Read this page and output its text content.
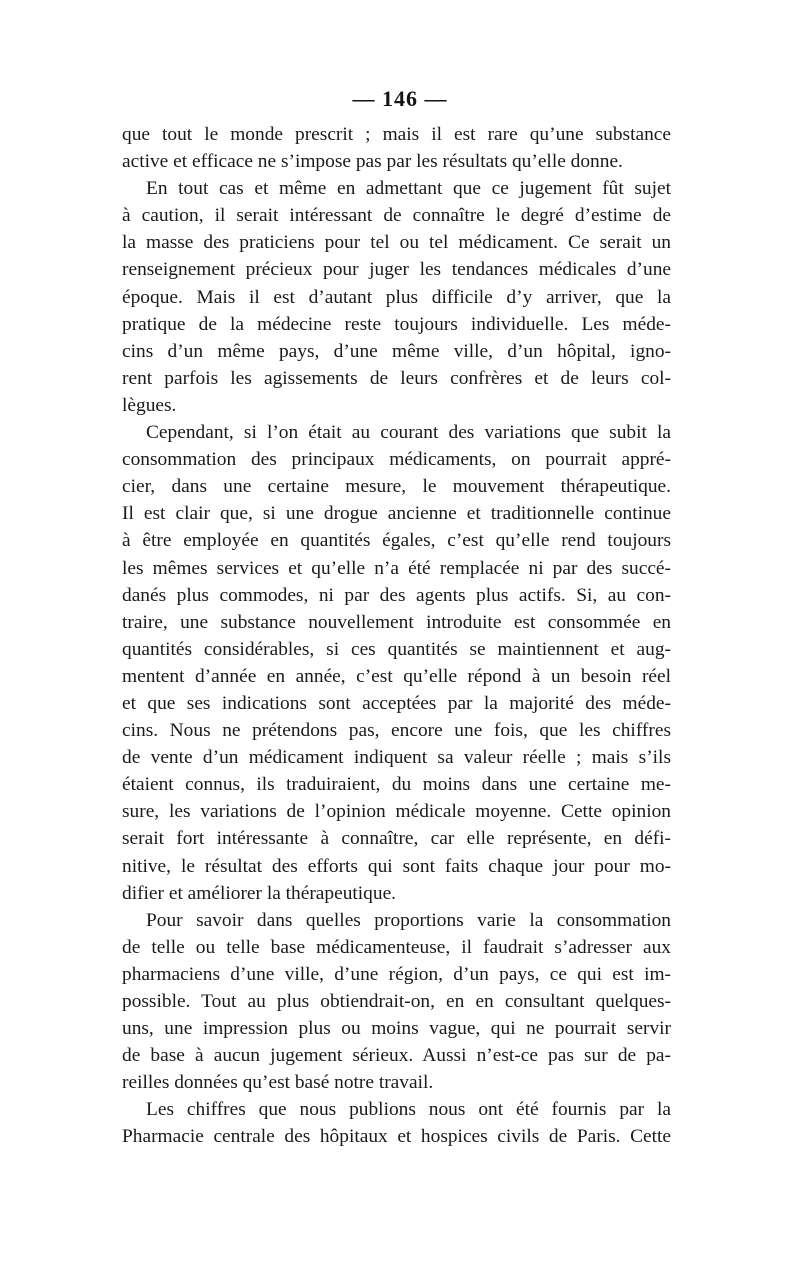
— 146 —
que tout le monde prescrit ; mais il est rare qu’une substance
active et efficace ne s’impose pas par les résultats qu’elle donne.
En tout cas et même en admettant que ce jugement fût sujet
à caution, il serait intéressant de connaître le degré d’estime de
la masse des praticiens pour tel ou tel médicament. Ce serait un
renseignement précieux pour juger les tendances médicales d’une
époque. Mais il est d’autant plus difficile d’y arriver, que la
pratique de la médecine reste toujours individuelle. Les méde-
cins d’un même pays, d’une même ville, d’un hôpital, igno-
rent parfois les agissements de leurs confrères et de leurs col-
lègues.
Cependant, si l’on était au courant des variations que subit la
consommation des principaux médicaments, on pourrait appré-
cier, dans une certaine mesure, le mouvement thérapeutique.
Il est clair que, si une drogue ancienne et traditionnelle continue
à être employée en quantités égales, c’est qu’elle rend toujours
les mêmes services et qu’elle n’a été remplacée ni par des succé-
danés plus commodes, ni par des agents plus actifs. Si, au con-
traire, une substance nouvellement introduite est consommée en
quantités considérables, si ces quantités se maintiennent et aug-
mentent d’année en année, c’est qu’elle répond à un besoin réel
et que ses indications sont acceptées par la majorité des méde-
cins. Nous ne prétendons pas, encore une fois, que les chiffres
de vente d’un médicament indiquent sa valeur réelle ; mais s’ils
étaient connus, ils traduiraient, du moins dans une certaine me-
sure, les variations de l’opinion médicale moyenne. Cette opinion
serait fort intéressante à connaître, car elle représente, en défi-
nitive, le résultat des efforts qui sont faits chaque jour pour mo-
difier et améliorer la thérapeutique.
Pour savoir dans quelles proportions varie la consommation
de telle ou telle base médicamenteuse, il faudrait s’adresser aux
pharmaciens d’une ville, d’une région, d’un pays, ce qui est im-
possible. Tout au plus obtiendrait-on, en en consultant quelques-
uns, une impression plus ou moins vague, qui ne pourrait servir
de base à aucun jugement sérieux. Aussi n’est-ce pas sur de pa-
reilles données qu’est basé notre travail.
Les chiffres que nous publions nous ont été fournis par la
Pharmacie centrale des hôpitaux et hospices civils de Paris. Cette
